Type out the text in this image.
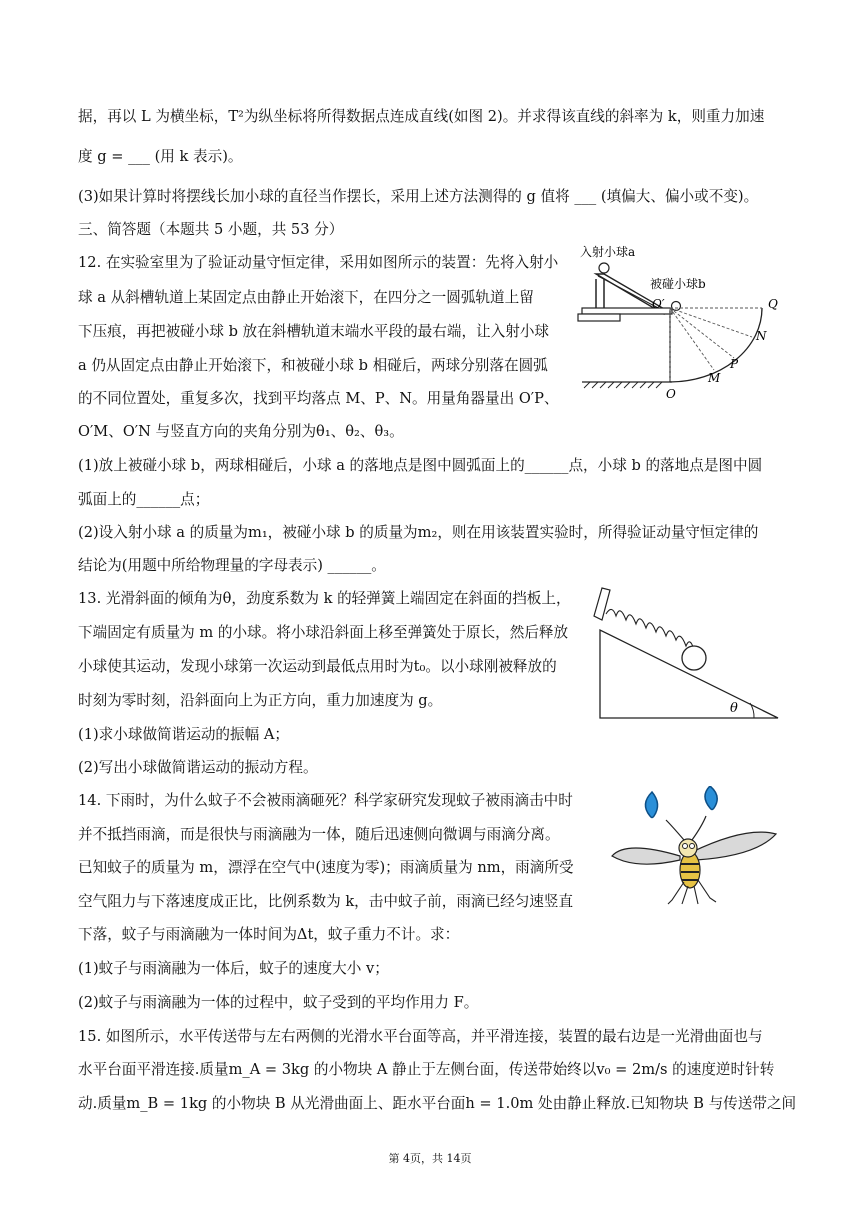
据，再以 L 为横坐标，T²为纵坐标将所得数据点连成直线(如图 2)。并求得该直线的斜率为 k，则重力加速
度 g = ___ (用 k 表示)。
(3)如果计算时将摆线长加小球的直径当作摆长，采用上述方法测得的 g 值将 ___ (填偏大、偏小或不变)。
三、简答题（本题共 5 小题，共 53 分）
12. 在实验室里为了验证动量守恒定律，采用如图所示的装置：先将入射小
球 a 从斜槽轨道上某固定点由静止开始滚下，在四分之一圆弧轨道上留
下压痕，再把被碰小球 b 放在斜槽轨道末端水平段的最右端，让入射小球
a 仍从固定点由静止开始滚下，和被碰小球 b 相碰后，两球分别落在圆弧
的不同位置处，重复多次，找到平均落点 M、P、N。用量角器量出 O′P、
O′M、O′N 与竖直方向的夹角分别为θ₁、θ₂、θ₃。
(1)放上被碰小球 b，两球相碰后，小球 a 的落地点是图中圆弧面上的______点，小球 b 的落地点是图中圆
弧面上的______点；
(2)设入射小球 a 的质量为m₁，被碰小球 b 的质量为m₂，则在用该装置实验时，所得验证动量守恒定律的
结论为(用题中所给物理量的字母表示) ______。
13. 光滑斜面的倾角为θ，劲度系数为 k 的轻弹簧上端固定在斜面的挡板上，
下端固定有质量为 m 的小球。将小球沿斜面上移至弹簧处于原长，然后释放
小球使其运动，发现小球第一次运动到最低点用时为t₀。以小球刚被释放的
时刻为零时刻，沿斜面向上为正方向，重力加速度为 g。
(1)求小球做简谐运动的振幅 A；
(2)写出小球做简谐运动的振动方程。
14. 下雨时，为什么蚊子不会被雨滴砸死？科学家研究发现蚊子被雨滴击中时
并不抵挡雨滴，而是很快与雨滴融为一体，随后迅速侧向微调与雨滴分离。
已知蚊子的质量为 m，漂浮在空气中(速度为零)；雨滴质量为 nm，雨滴所受
空气阻力与下落速度成正比，比例系数为 k，击中蚊子前，雨滴已经匀速竖直
下落，蚊子与雨滴融为一体时间为Δt，蚊子重力不计。求：
(1)蚊子与雨滴融为一体后，蚊子的速度大小 v；
(2)蚊子与雨滴融为一体的过程中，蚊子受到的平均作用力 F。
15. 如图所示，水平传送带与左右两侧的光滑水平台面等高，并平滑连接，装置的最右边是一光滑曲面也与
水平台面平滑连接.质量m_A = 3kg 的小物块 A 静止于左侧台面，传送带始终以v₀ = 2m/s 的速度逆时针转
动.质量m_B = 1kg 的小物块 B 从光滑曲面上、距水平台面h = 1.0m 处由静止释放.已知物块 B 与传送带之间
入射小球a
被碰小球b
O′	Q
N
P
M
O
θ
第 4页，共 14页
